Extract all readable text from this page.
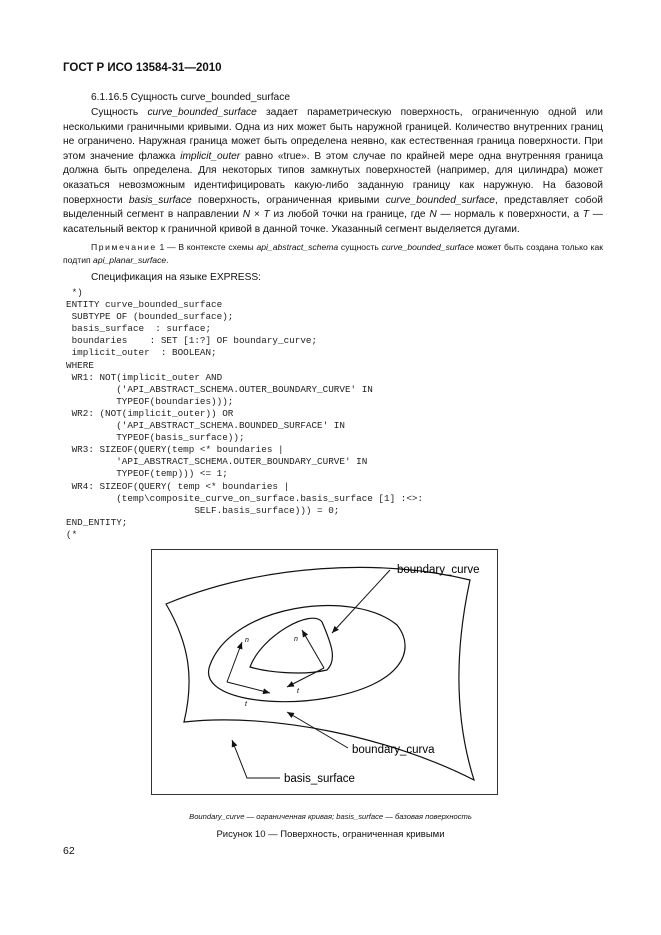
ГОСТ Р ИСО 13584-31—2010
6.1.16.5 Сущность curve_bounded_surface
Сущность curve_bounded_surface задает параметрическую поверхность, ограниченную одной или несколькими граничными кривыми. Одна из них может быть наружной границей. Количество внутренних границ не ограничено. Наружная граница может быть определена неявно, как естественная граница поверхности. При этом значение флажка implicit_outer равно «true». В этом случае по крайней мере одна внутренняя граница должна быть определена. Для некоторых типов замкнутых поверхностей (например, для цилиндра) может оказаться невозможным идентифицировать какую-либо заданную границу как наружную. На базовой поверхности basis_surface поверхность, ограниченная кривыми curve_bounded_surface, представляет собой выделенный сегмент в направлении N × T из любой точки на границе, где N — нормаль к поверхности, а T — касательный вектор к граничной кривой в данной точке. Указанный сегмент выделяется дугами.
Примечание 1 — В контексте схемы api_abstract_schema сущность curve_bounded_surface может быть создана только как подтип api_planar_surface.
Спецификация на языке EXPRESS:
*)
ENTITY curve_bounded_surface
SUBTYPE OF (bounded_surface);
basis_surface  : surface;
boundaries    : SET [1:?] OF boundary_curve;
implicit_outer  : BOOLEAN;
WHERE
WR1: NOT(implicit_outer AND
('API_ABSTRACT_SCHEMA.OUTER_BOUNDARY_CURVE' IN
TYPEOF(boundaries)));
WR2: (NOT(implicit_outer)) OR
('API_ABSTRACT_SCHEMA.BOUNDED_SURFACE' IN
TYPEOF(basis_surface));
WR3: SIZEOF(QUERY(temp <* boundaries |
'API_ABSTRACT_SCHEMA.OUTER_BOUNDARY_CURVE' IN
TYPEOF(temp))) <= 1;
WR4: SIZEOF(QUERY( temp <* boundaries |
(temp\composite_curve_on_surface.basis_surface [1] :<>:
SELF.basis_surface))) = 0;
END_ENTITY;
(*
boundary_curve
boundary_curva
basis_surface
n	n
t
t
Boundary_curve — ограниченная кривая; basis_surface — базовая поверхность
Рисунок 10 — Поверхность, ограниченная кривыми
62
